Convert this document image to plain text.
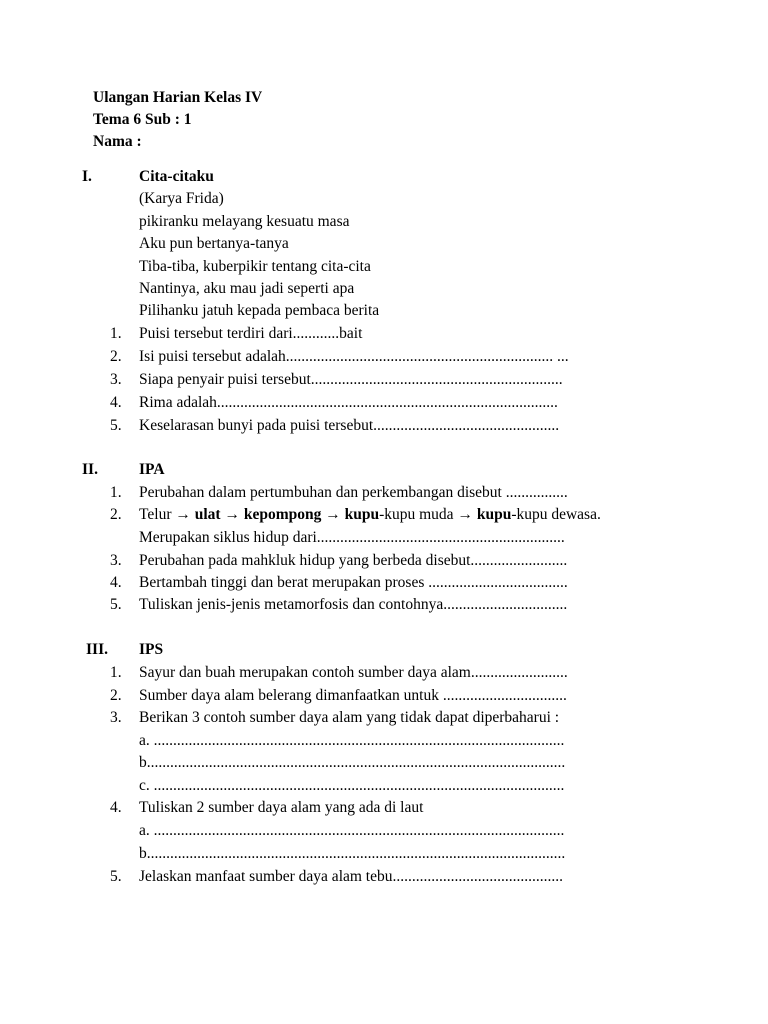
Ulangan Harian Kelas IV
Tema 6 Sub : 1
Nama :
I.	Cita-citaku
(Karya Frida)
pikiranku melayang kesuatu masa
Aku pun bertanya-tanya
Tiba-tiba, kuberpikir tentang cita-cita
Nantinya, aku mau jadi seperti apa
Pilihanku jatuh kepada pembaca berita
1.	Puisi tersebut terdiri dari............bait
2.	Isi puisi tersebut adalah..................................................................... ...
3.	Siapa penyair puisi tersebut.................................................................
4.	Rima adalah........................................................................................
5.	Keselarasan bunyi pada puisi tersebut................................................
II.	IPA
1.	Perubahan dalam pertumbuhan dan perkembangan disebut ................
2.	Telur → ulat → kepompong → kupu-kupu muda → kupu-kupu dewasa.
Merupakan siklus hidup dari................................................................
3.	Perubahan pada mahkluk hidup yang berbeda disebut.........................
4.	Bertambah tinggi dan berat merupakan proses ....................................
5.	Tuliskan jenis-jenis metamorfosis dan contohnya................................
III. IPS
1.	Sayur dan buah merupakan contoh sumber daya alam.........................
2.	Sumber daya alam belerang dimanfaatkan untuk ................................
3.	Berikan 3 contoh sumber daya alam yang tidak dapat diperbaharui :
a. ..........................................................................................................
b............................................................................................................
c. ..........................................................................................................
4.	Tuliskan 2 sumber daya alam yang ada di laut
a. ..........................................................................................................
b............................................................................................................
5.	Jelaskan manfaat sumber daya alam tebu............................................
